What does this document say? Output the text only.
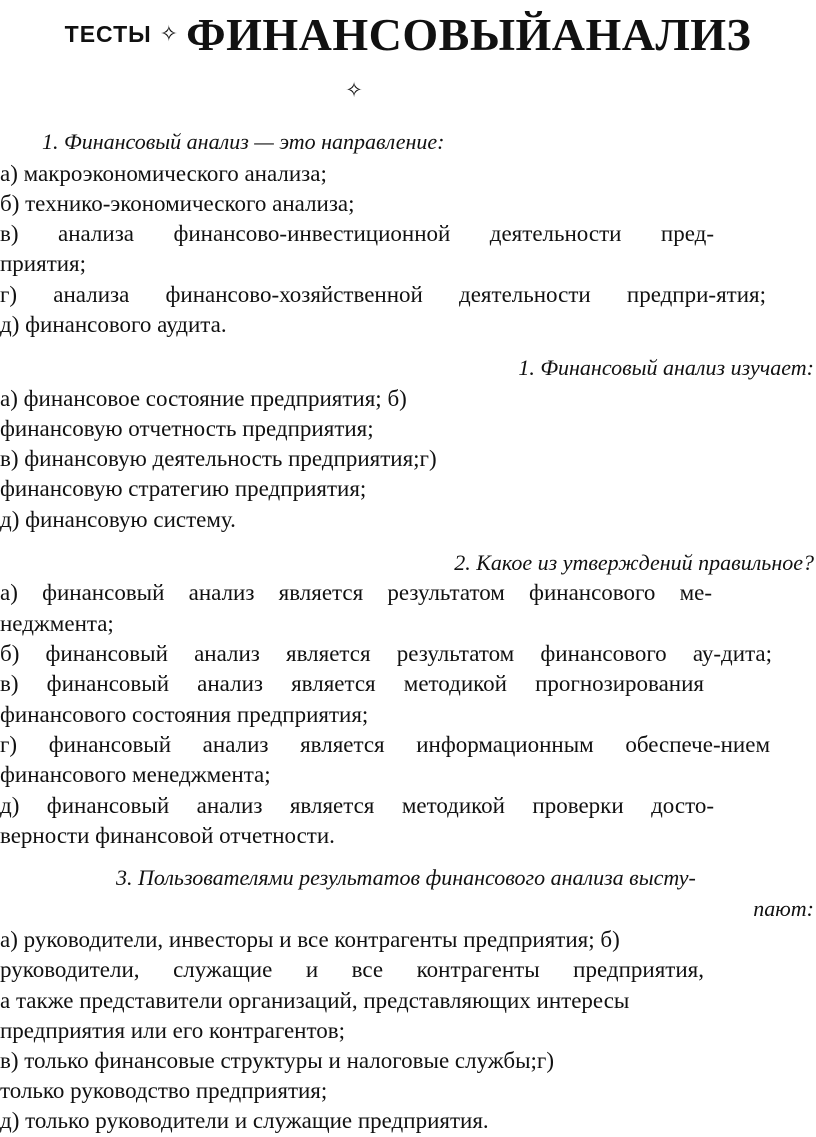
ТЕСТЫ ✧ ФИНАНСОВЫЙАНАЛИЗ
✧
1. Финансовый анализ — это направление:
а) макроэкономического анализа;
б) технико-экономического анализа;
в) анализа финансово-инвестиционной деятельности пред-
приятия;
г) анализа финансово-хозяйственной деятельности предпри-ятия;
д) финансового аудита.
1. Финансовый анализ изучает:
а) финансовое состояние предприятия; б)
финансовую отчетность предприятия;
в) финансовую деятельность предприятия;г)
финансовую стратегию предприятия;
д) финансовую систему.
2. Какое из утверждений правильное?
а) финансовый анализ является результатом финансового ме-
неджмента;
б) финансовый анализ является результатом финансового ау-дита;
в) финансовый анализ является методикой прогнозирования
финансового состояния предприятия;
г) финансовый анализ является информационным обеспече-нием
финансового менеджмента;
д) финансовый анализ является методикой проверки досто-
верности финансовой отчетности.
3. Пользователями результатов финансового анализа высту-
пают:
а) руководители, инвесторы и все контрагенты предприятия; б)
руководители, служащие и все контрагенты предприятия,
а также представители организаций, представляющих интересы
предприятия или его контрагентов;
в) только финансовые структуры и налоговые службы;г)
только руководство предприятия;
д) только руководители и служащие предприятия.
